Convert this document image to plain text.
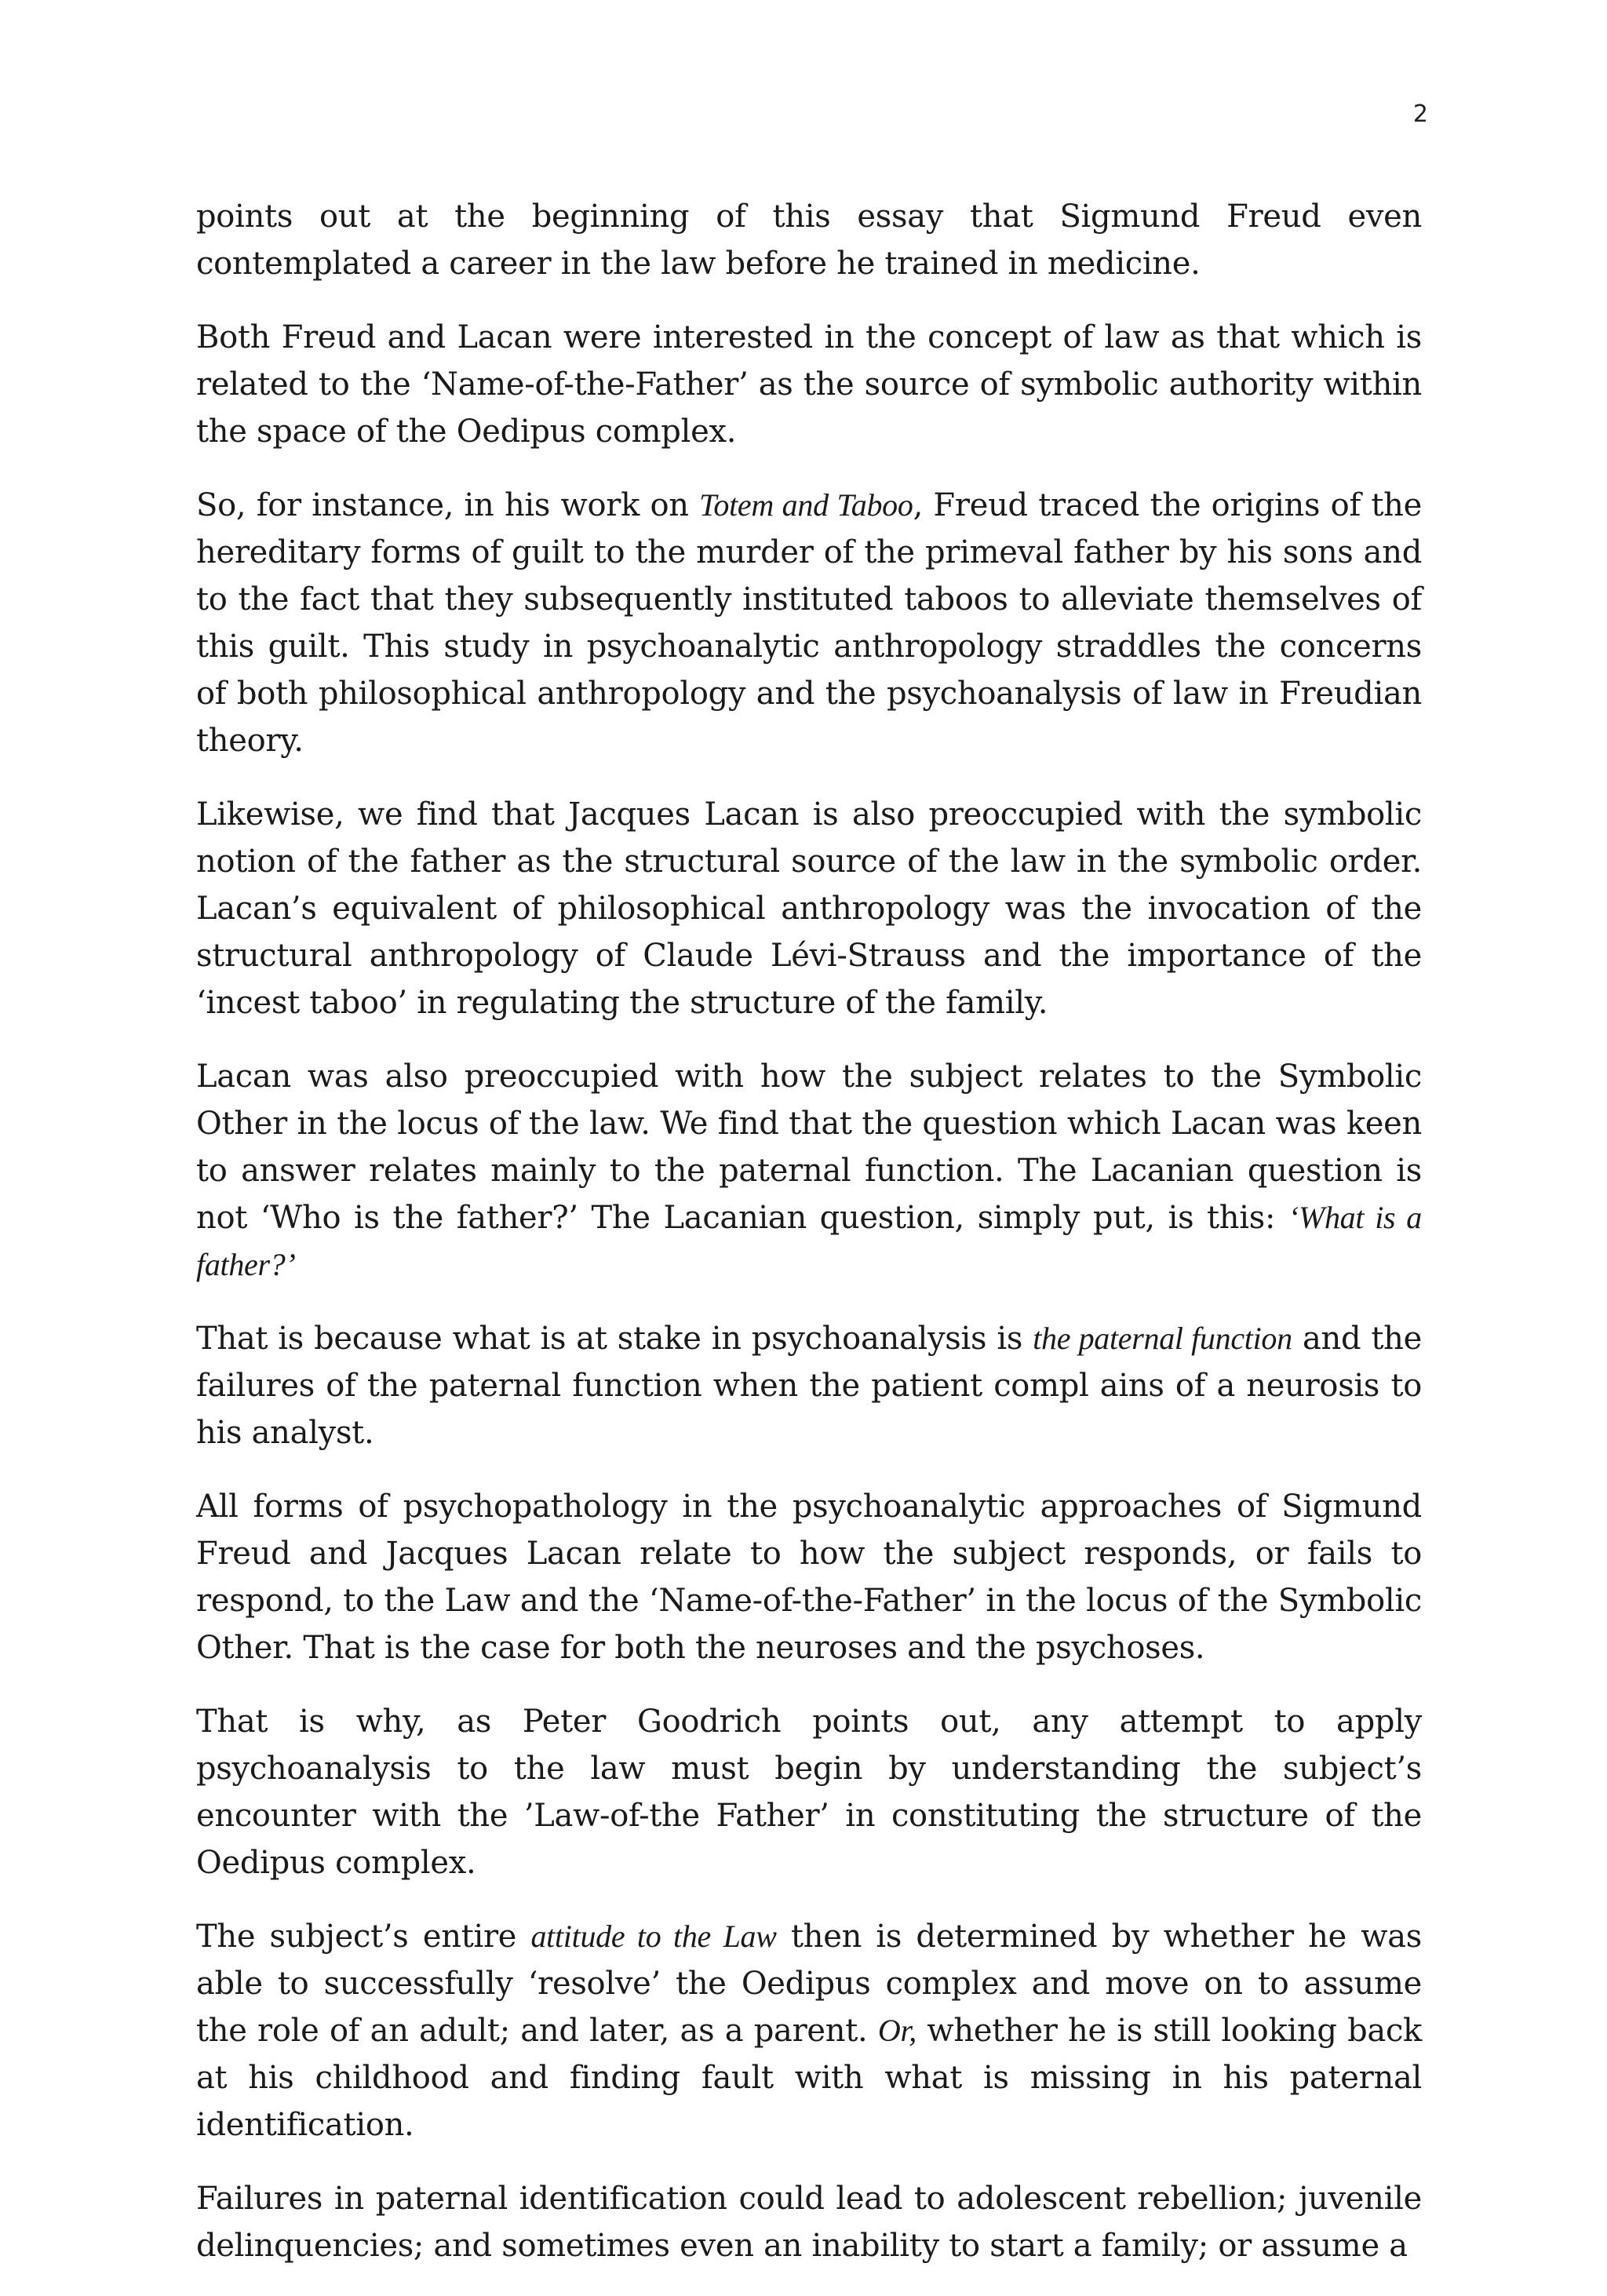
2

points out at the beginning of this essay that Sigmund Freud even contemplated a career in the law before he trained in medicine.

Both Freud and Lacan were interested in the concept of law as that which is related to the ‘Name-of-the-Father’ as the source of symbolic authority within the space of the Oedipus complex.

So, for instance, in his work on Totem and Taboo, Freud traced the origins of the hereditary forms of guilt to the murder of the primeval father by his sons and to the fact that they subsequently instituted taboos to alleviate themselves of this guilt. This study in psychoanalytic anthropology straddles the concerns of both philosophical anthropology and the psychoanalysis of law in Freudian theory.

Likewise, we find that Jacques Lacan is also preoccupied with the symbolic notion of the father as the structural source of the law in the symbolic order. Lacan’s equivalent of philosophical anthropology was the invocation of the structural anthropology of Claude Lévi-Strauss and the importance of the ‘incest taboo’ in regulating the structure of the family.

Lacan was also preoccupied with how the subject relates to the Symbolic Other in the locus of the law. We find that the question which Lacan was keen to answer relates mainly to the paternal function. The Lacanian question is not ‘Who is the father?’ The Lacanian question, simply put, is this: ‘What is a father?’

That is because what is at stake in psychoanalysis is the paternal function and the failures of the paternal function when the patient compl ains of a neurosis to his analyst.

All forms of psychopathology in the psychoanalytic approaches of Sigmund Freud and Jacques Lacan relate to how the subject responds, or fails to respond, to the Law and the ‘Name-of-the-Father’ in the locus of the Symbolic Other. That is the case for both the neuroses and the psychoses.

That is why, as Peter Goodrich points out, any attempt to apply psychoanalysis to the law must begin by understanding the subject’s encounter with the ’Law-of-the Father’ in constituting the structure of the Oedipus complex.

The subject’s entire attitude to the Law then is determined by whether he was able to successfully ‘resolve’ the Oedipus complex and move on to assume the role of an adult; and later, as a parent. Or, whether he is still looking back at his childhood and finding fault with what is missing in his paternal identification.

Failures in paternal identification could lead to adolescent rebellion; juvenile delinquencies; and sometimes even an inability to start a family; or assume a
